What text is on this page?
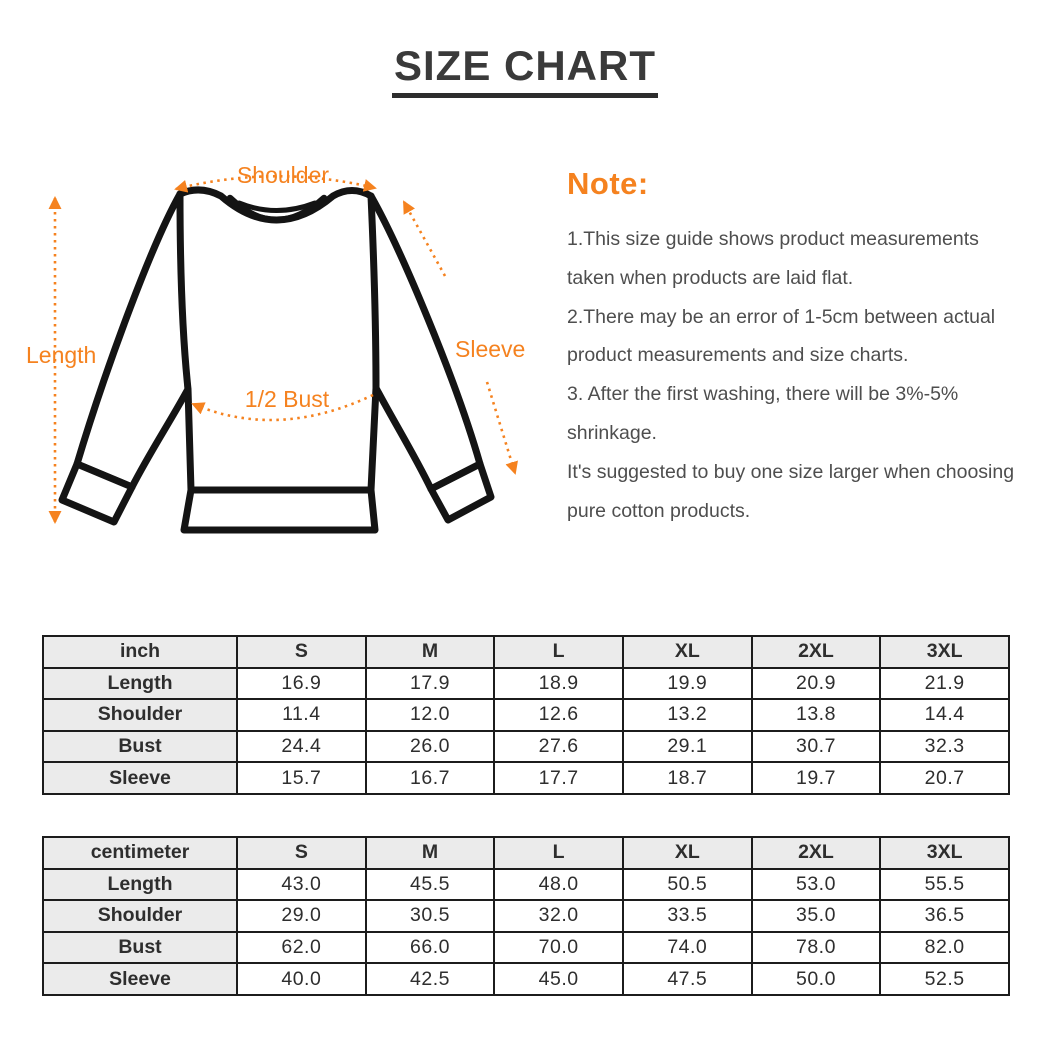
SIZE CHART
Shoulder
Length	Sleeve
1/2 Bust
Note:
1.This size guide shows product measurements
taken when products are laid flat.
2.There may be an error of 1-5cm between actual
product measurements and size charts.
3. After the first washing, there will be 3%-5%
shrinkage.
It's suggested to buy one size larger when choosing
pure cotton products.
inch	S	M	L	XL	2XL	3XL
Length	16.9	17.9	18.9	19.9	20.9	21.9
Shoulder	11.4	12.0	12.6	13.2	13.8	14.4
Bust	24.4	26.0	27.6	29.1	30.7	32.3
Sleeve	15.7	16.7	17.7	18.7	19.7	20.7
centimeter	S	M	L	XL	2XL	3XL
Length	43.0	45.5	48.0	50.5	53.0	55.5
Shoulder	29.0	30.5	32.0	33.5	35.0	36.5
Bust	62.0	66.0	70.0	74.0	78.0	82.0
Sleeve	40.0	42.5	45.0	47.5	50.0	52.5
